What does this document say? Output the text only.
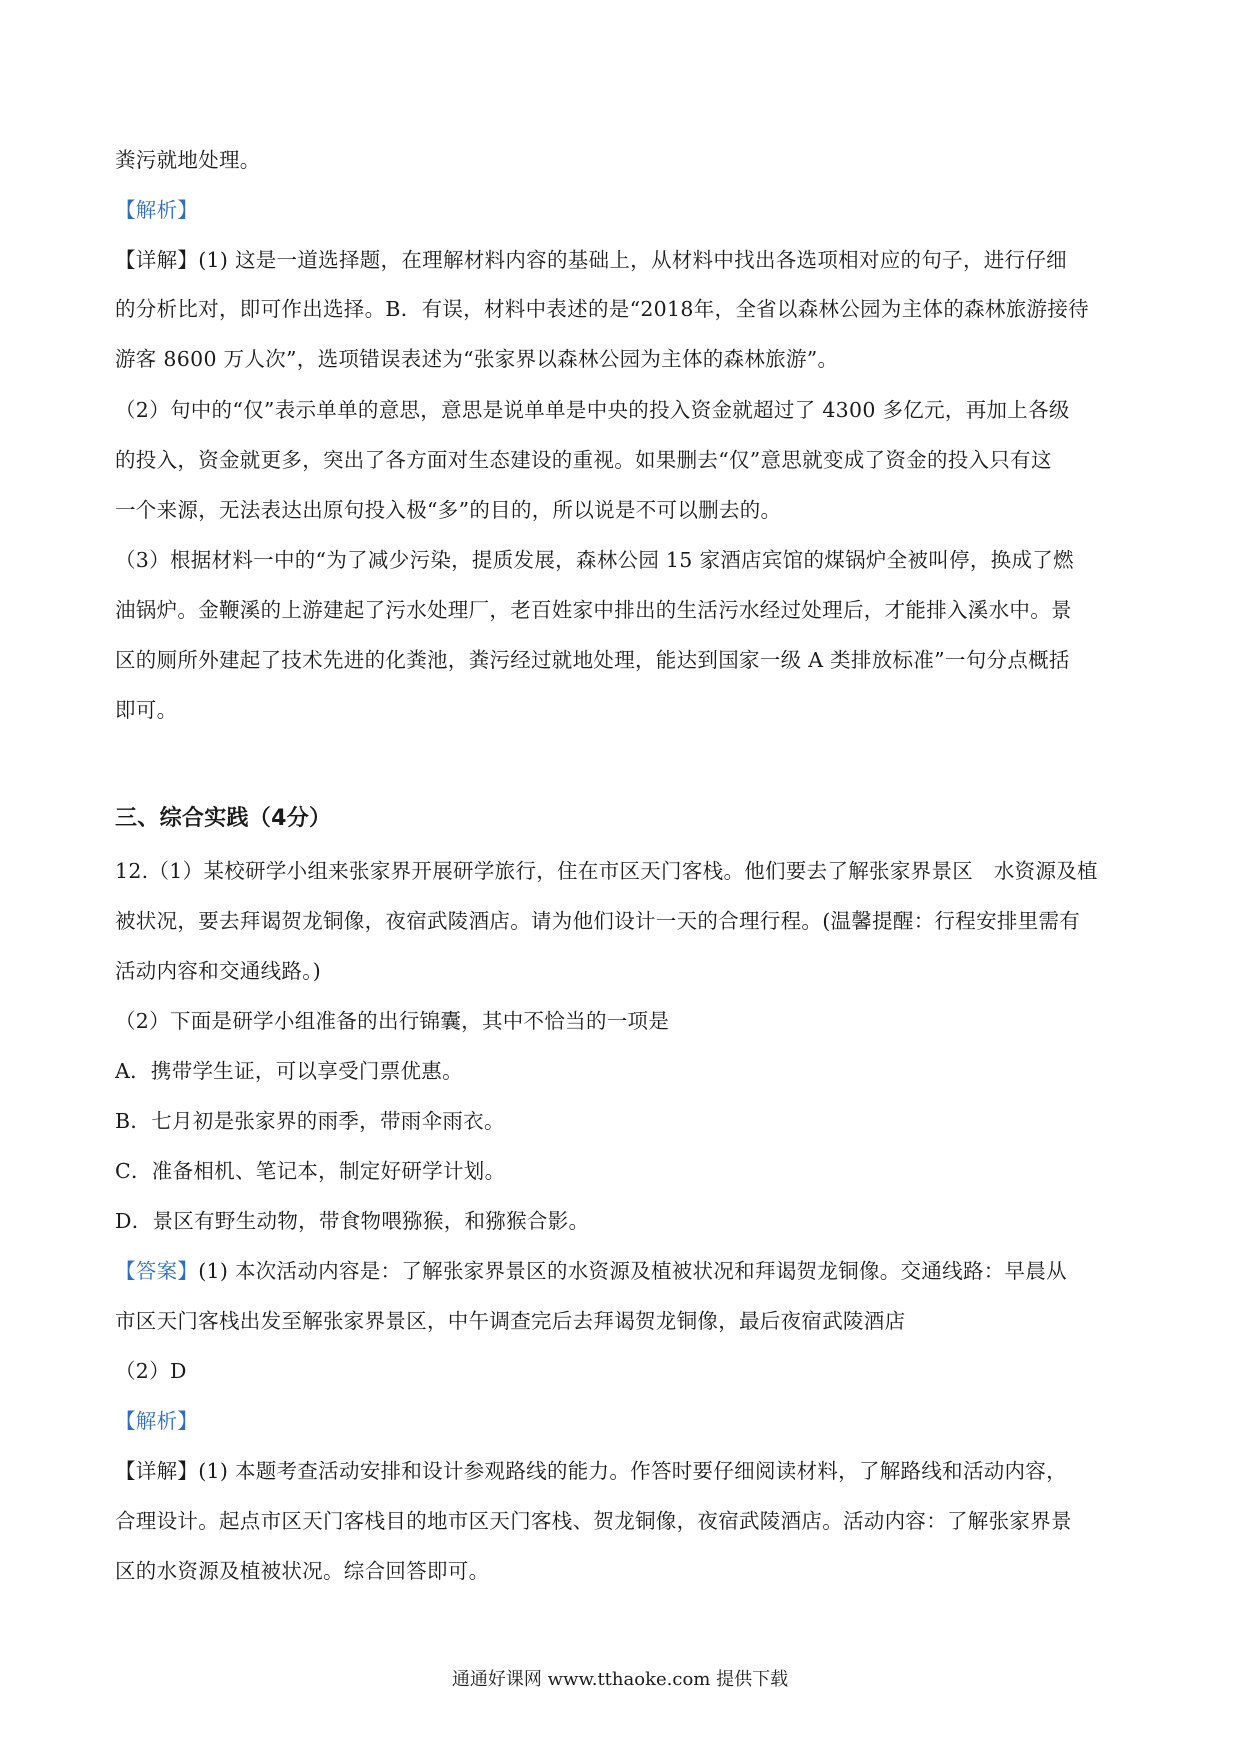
粪污就地处理。
【解析】
【详解】(1) 这是一道选择题，在理解材料内容的基础上，从材料中找出各选项相对应的句子，进行仔细
的分析比对，即可作出选择。B．有误，材料中表述的是“2018年，全省以森林公园为主体的森林旅游接待
游客 8600 万人次”，选项错误表述为“张家界以森林公园为主体的森林旅游”。
（2）句中的“仅”表示单单的意思，意思是说单单是中央的投入资金就超过了 4300 多亿元，再加上各级
的投入，资金就更多，突出了各方面对生态建设的重视。如果删去“仅”意思就变成了资金的投入只有这
一个来源，无法表达出原句投入极“多”的目的，所以说是不可以删去的。
（3）根据材料一中的“为了减少污染，提质发展，森林公园 15 家酒店宾馆的煤锅炉全被叫停，换成了燃
油锅炉。金鞭溪的上游建起了污水处理厂，老百姓家中排出的生活污水经过处理后，才能排入溪水中。景
区的厕所外建起了技术先进的化粪池，粪污经过就地处理，能达到国家一级 A 类排放标准”一句分点概括
即可。
三、综合实践（4分）
12.（1）某校研学小组来张家界开展研学旅行，住在市区天门客栈。他们要去了解张家界景区　水资源及植
被状况，要去拜谒贺龙铜像，夜宿武陵酒店。请为他们设计一天的合理行程。(温馨提醒：行程安排里需有
活动内容和交通线路。)
（2）下面是研学小组准备的出行锦囊，其中不恰当的一项是
A．携带学生证，可以享受门票优惠。
B．七月初是张家界的雨季，带雨伞雨衣。
C．准备相机、笔记本，制定好研学计划。
D．景区有野生动物，带食物喂猕猴，和猕猴合影。
【答案】(1) 本次活动内容是：了解张家界景区的水资源及植被状况和拜谒贺龙铜像。交通线路：早晨从
市区天门客栈出发至解张家界景区，中午调查完后去拜谒贺龙铜像，最后夜宿武陵酒店
（2）D
【解析】
【详解】(1) 本题考查活动安排和设计参观路线的能力。作答时要仔细阅读材料，了解路线和活动内容，
合理设计。起点市区天门客栈目的地市区天门客栈、贺龙铜像，夜宿武陵酒店。活动内容：了解张家界景
区的水资源及植被状况。综合回答即可。
通通好课网 www.tthaoke.com 提供下载
